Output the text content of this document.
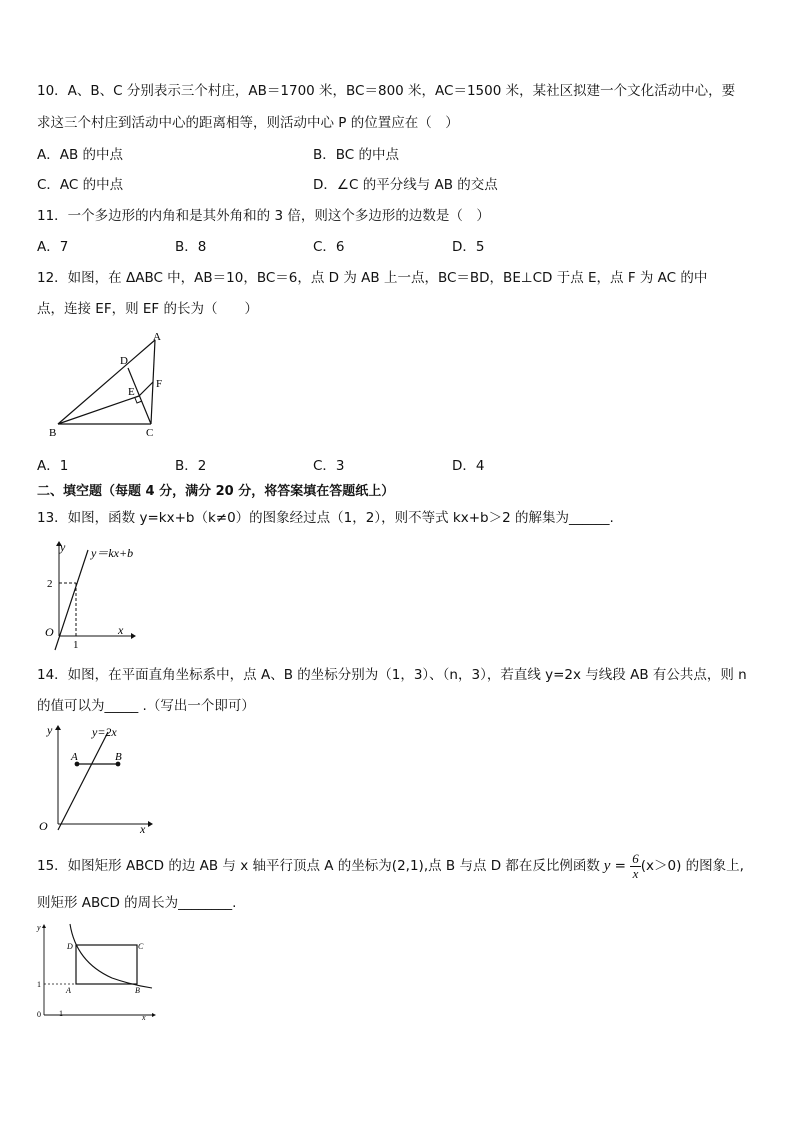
10．A、B、C 分别表示三个村庄，AB＝1700 米，BC＝800 米，AC＝1500 米，某社区拟建一个文化活动中心，要
求这三个村庄到活动中心的距离相等，则活动中心 P 的位置应在（　）
A．AB 的中点	B．BC 的中点
C．AC 的中点	D．∠C 的平分线与 AB 的交点
11．一个多边形的内角和是其外角和的 3 倍，则这个多边形的边数是（　）
A．7	B．8	C．6	D．5
12．如图，在 ΔABC 中，AB＝10，BC＝6，点 D 为 AB 上一点，BC＝BD，BE⊥CD 于点 E，点 F 为 AC 的中
点，连接 EF，则 EF 的长为（　　）
A
B	C
D
E
F
A．1	B．2	C．3	D．4
二、填空题（每题 4 分，满分 20 分，将答案填在答题纸上）
13．如图，函数 y=kx+b（k≠0）的图象经过点（1，2），则不等式 kx+b＞2 的解集为______.
y
x
O
2
1
y＝kx+b
14．如图，在平面直角坐标系中，点 A、B 的坐标分别为（1，3）、（n，3），若直线 y=2x 与线段 AB 有公共点，则 n
的值可以为_____ .（写出一个即可）
y
x
O
A	B
y=2x
15．如图矩形 ABCD 的边 AB 与 x 轴平行顶点 A 的坐标为(2,1),点 B 与点 D 都在反比例函数 $y = \frac{6}{x} (x>0)$ 的图象上,
则矩形 ABCD 的周长为________.
y
x
0
1
1
A	B
C
D
